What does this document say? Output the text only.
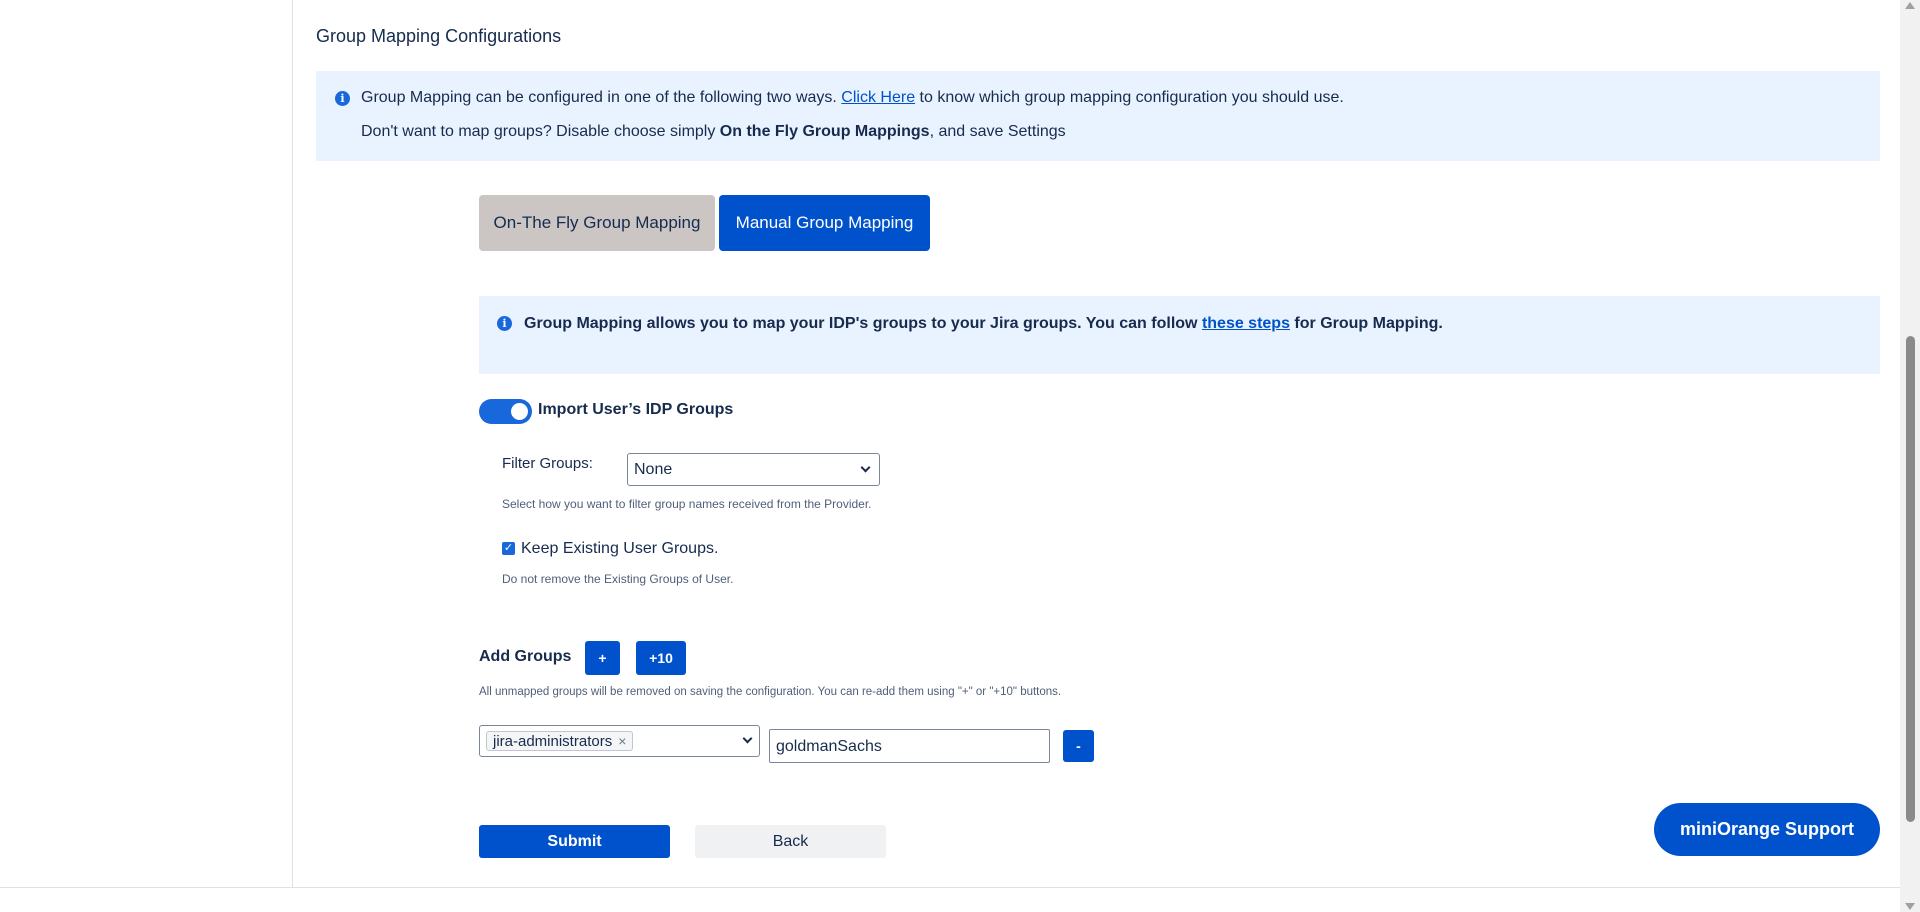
Group Mapping Configurations
i	Group Mapping can be configured in one of the following two ways. Click Here to know which group mapping configuration you should use.
Don't want to map groups? Disable choose simply On the Fly Group Mappings, and save Settings
On-The Fly Group Mapping	Manual Group Mapping
i	Group Mapping allows you to map your IDP's groups to your Jira groups. You can follow these steps for Group Mapping.
Import User’s IDP Groups
Filter Groups:	None
Select how you want to filter group names received from the Provider.
✓ Keep Existing User Groups.
Do not remove the Existing Groups of User.
Add Groups	+	+10
All unmapped groups will be removed on saving the configuration. You can re-add them using "+" or "+10" buttons.
jira-administrators ×	goldmanSachs	-
Submit	Back
miniOrange Support
